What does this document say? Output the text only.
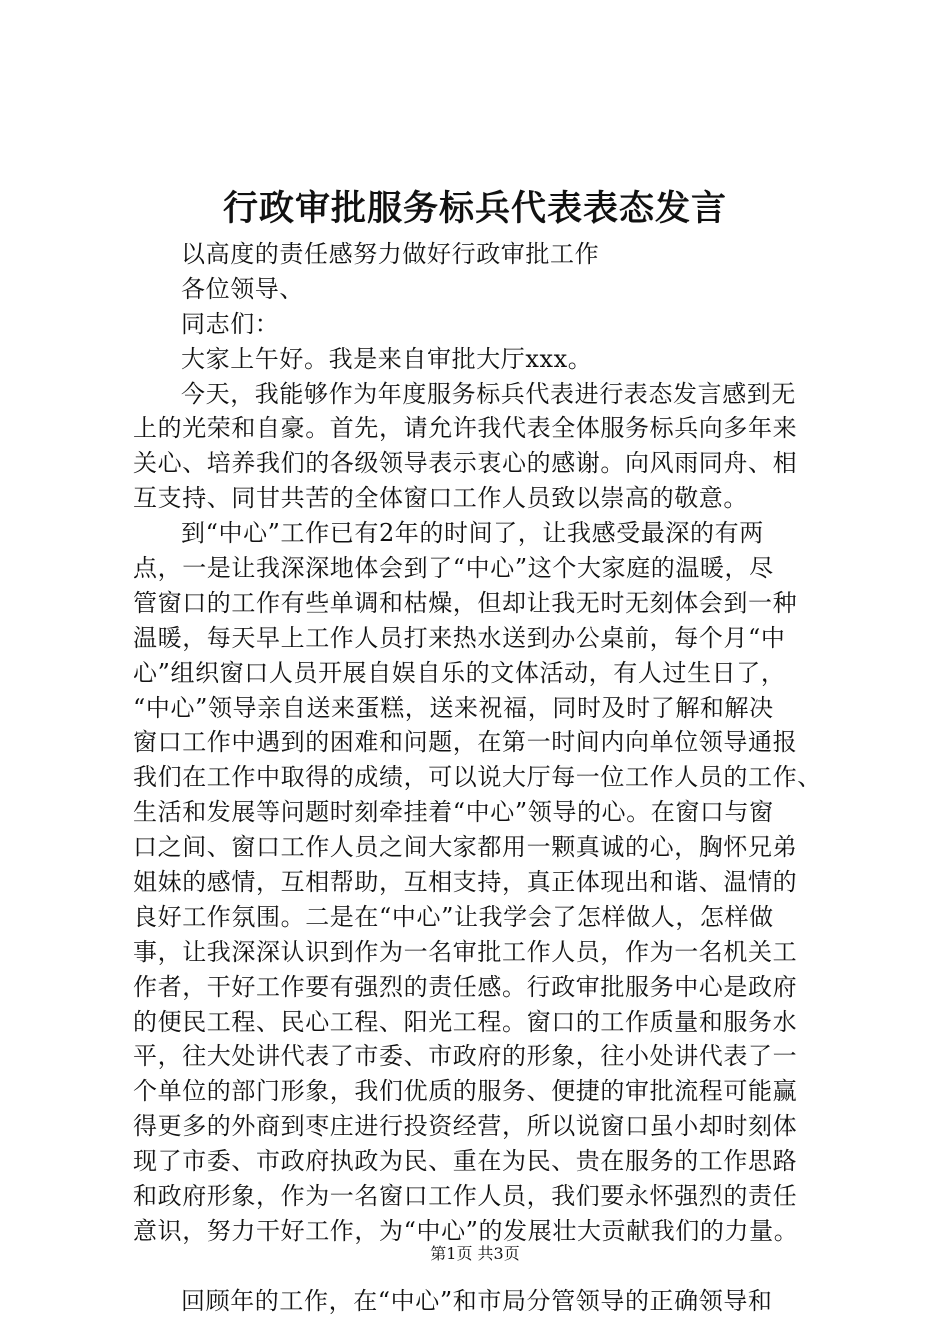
行政审批服务标兵代表表态发言
以高度的责任感努力做好行政审批工作
各位领导、
同志们：
大家上午好。我是来自审批大厅xxx。
今天，我能够作为年度服务标兵代表进行表态发言感到无
上的光荣和自豪。首先，请允许我代表全体服务标兵向多年来
关心、培养我们的各级领导表示衷心的感谢。向风雨同舟、相
互支持、同甘共苦的全体窗口工作人员致以崇高的敬意。
到“中心”工作已有2年的时间了，让我感受最深的有两
点，一是让我深深地体会到了“中心”这个大家庭的温暖，尽
管窗口的工作有些单调和枯燥，但却让我无时无刻体会到一种
温暖，每天早上工作人员打来热水送到办公桌前，每个月“中
心”组织窗口人员开展自娱自乐的文体活动，有人过生日了，
“中心”领导亲自送来蛋糕，送来祝福，同时及时了解和解决
窗口工作中遇到的困难和问题，在第一时间内向单位领导通报
我们在工作中取得的成绩，可以说大厅每一位工作人员的工作、
生活和发展等问题时刻牵挂着“中心”领导的心。在窗口与窗
口之间、窗口工作人员之间大家都用一颗真诚的心，胸怀兄弟
姐妹的感情，互相帮助，互相支持，真正体现出和谐、温情的
良好工作氛围。二是在“中心”让我学会了怎样做人，怎样做
事，让我深深认识到作为一名审批工作人员，作为一名机关工
作者，干好工作要有强烈的责任感。行政审批服务中心是政府
的便民工程、民心工程、阳光工程。窗口的工作质量和服务水
平，往大处讲代表了市委、市政府的形象，往小处讲代表了一
个单位的部门形象，我们优质的服务、便捷的审批流程可能赢
得更多的外商到枣庄进行投资经营，所以说窗口虽小却时刻体
现了市委、市政府执政为民、重在为民、贵在服务的工作思路
和政府形象，作为一名窗口工作人员，我们要永怀强烈的责任
意识，努力干好工作，为“中心”的发展壮大贡献我们的力量。
回顾年的工作，在“中心”和市局分管领导的正确领导和
第1页 共3页
